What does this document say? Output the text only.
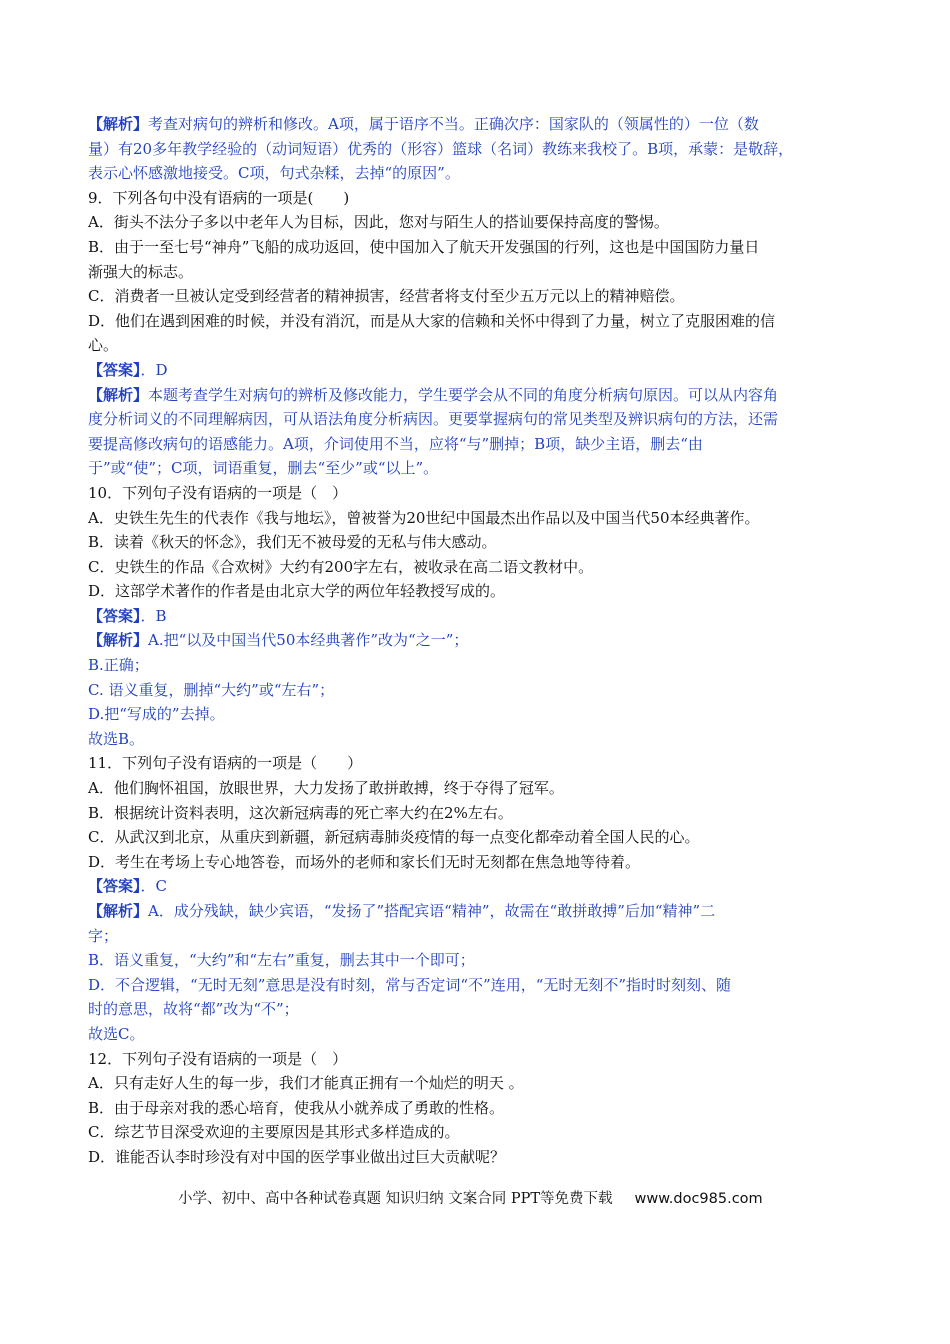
【解析】考查对病句的辨析和修改。A项，属于语序不当。正确次序：国家队的（领属性的）一位（数
量）有20多年教学经验的（动词短语）优秀的（形容）篮球（名词）教练来我校了。B项，承蒙：是敬辞，
表示心怀感激地接受。C项，句式杂糅，去掉“的原因”。
9．下列各句中没有语病的一项是(　　)
A．街头不法分子多以中老年人为目标，因此，您对与陌生人的搭讪要保持高度的警惕。
B．由于一至七号“神舟”飞船的成功返回，使中国加入了航天开发强国的行列，这也是中国国防力量日
渐强大的标志。
C．消费者一旦被认定受到经营者的精神损害，经营者将支付至少五万元以上的精神赔偿。
D．他们在遇到困难的时候，并没有消沉，而是从大家的信赖和关怀中得到了力量，树立了克服困难的信
心。
【答案】．D
【解析】本题考查学生对病句的辨析及修改能力，学生要学会从不同的角度分析病句原因。可以从内容角
度分析词义的不同理解病因，可从语法角度分析病因。更要掌握病句的常见类型及辨识病句的方法，还需
要提高修改病句的语感能力。A项，介词使用不当，应将“与”删掉；B项，缺少主语，删去“由
于”或“使”；C项，词语重复，删去“至少”或“以上”。
10．下列句子没有语病的一项是（　）
A．史铁生先生的代表作《我与地坛》，曾被誉为20世纪中国最杰出作品以及中国当代50本经典著作。
B．读着《秋天的怀念》，我们无不被母爱的无私与伟大感动。
C．史铁生的作品《合欢树》大约有200字左右，被收录在高二语文教材中。
D．这部学术著作的作者是由北京大学的两位年轻教授写成的。
【答案】．B
【解析】A.把“以及中国当代50本经典著作”改为“之一”；
B.正确；
C. 语义重复，删掉“大约”或“左右”；
D.把“写成的”去掉。
故选B。
11．下列句子没有语病的一项是（　　）
A．他们胸怀祖国，放眼世界，大力发扬了敢拼敢搏，终于夺得了冠军。
B．根据统计资料表明，这次新冠病毒的死亡率大约在2%左右。
C．从武汉到北京，从重庆到新疆，新冠病毒肺炎疫情的每一点变化都牵动着全国人民的心。
D．考生在考场上专心地答卷，而场外的老师和家长们无时无刻都在焦急地等待着。
【答案】．C
【解析】A．成分残缺，缺少宾语，“发扬了”搭配宾语“精神”，故需在“敢拼敢搏”后加“精神”二
字；
B．语义重复，“大约”和“左右”重复，删去其中一个即可；
D．不合逻辑，“无时无刻”意思是没有时刻，常与否定词“不”连用，“无时无刻不”指时时刻刻、随
时的意思，故将“都”改为“不”；
故选C。
12．下列句子没有语病的一项是（　）
A．只有走好人生的每一步，我们才能真正拥有一个灿烂的明天 。
B．由于母亲对我的悉心培育，使我从小就养成了勇敢的性格。
C．综艺节目深受欢迎的主要原因是其形式多样造成的。
D．谁能否认李时珍没有对中国的医学事业做出过巨大贡献呢？
小学、初中、高中各种试卷真题 知识归纳 文案合同 PPT等免费下载 www.doc985.com
